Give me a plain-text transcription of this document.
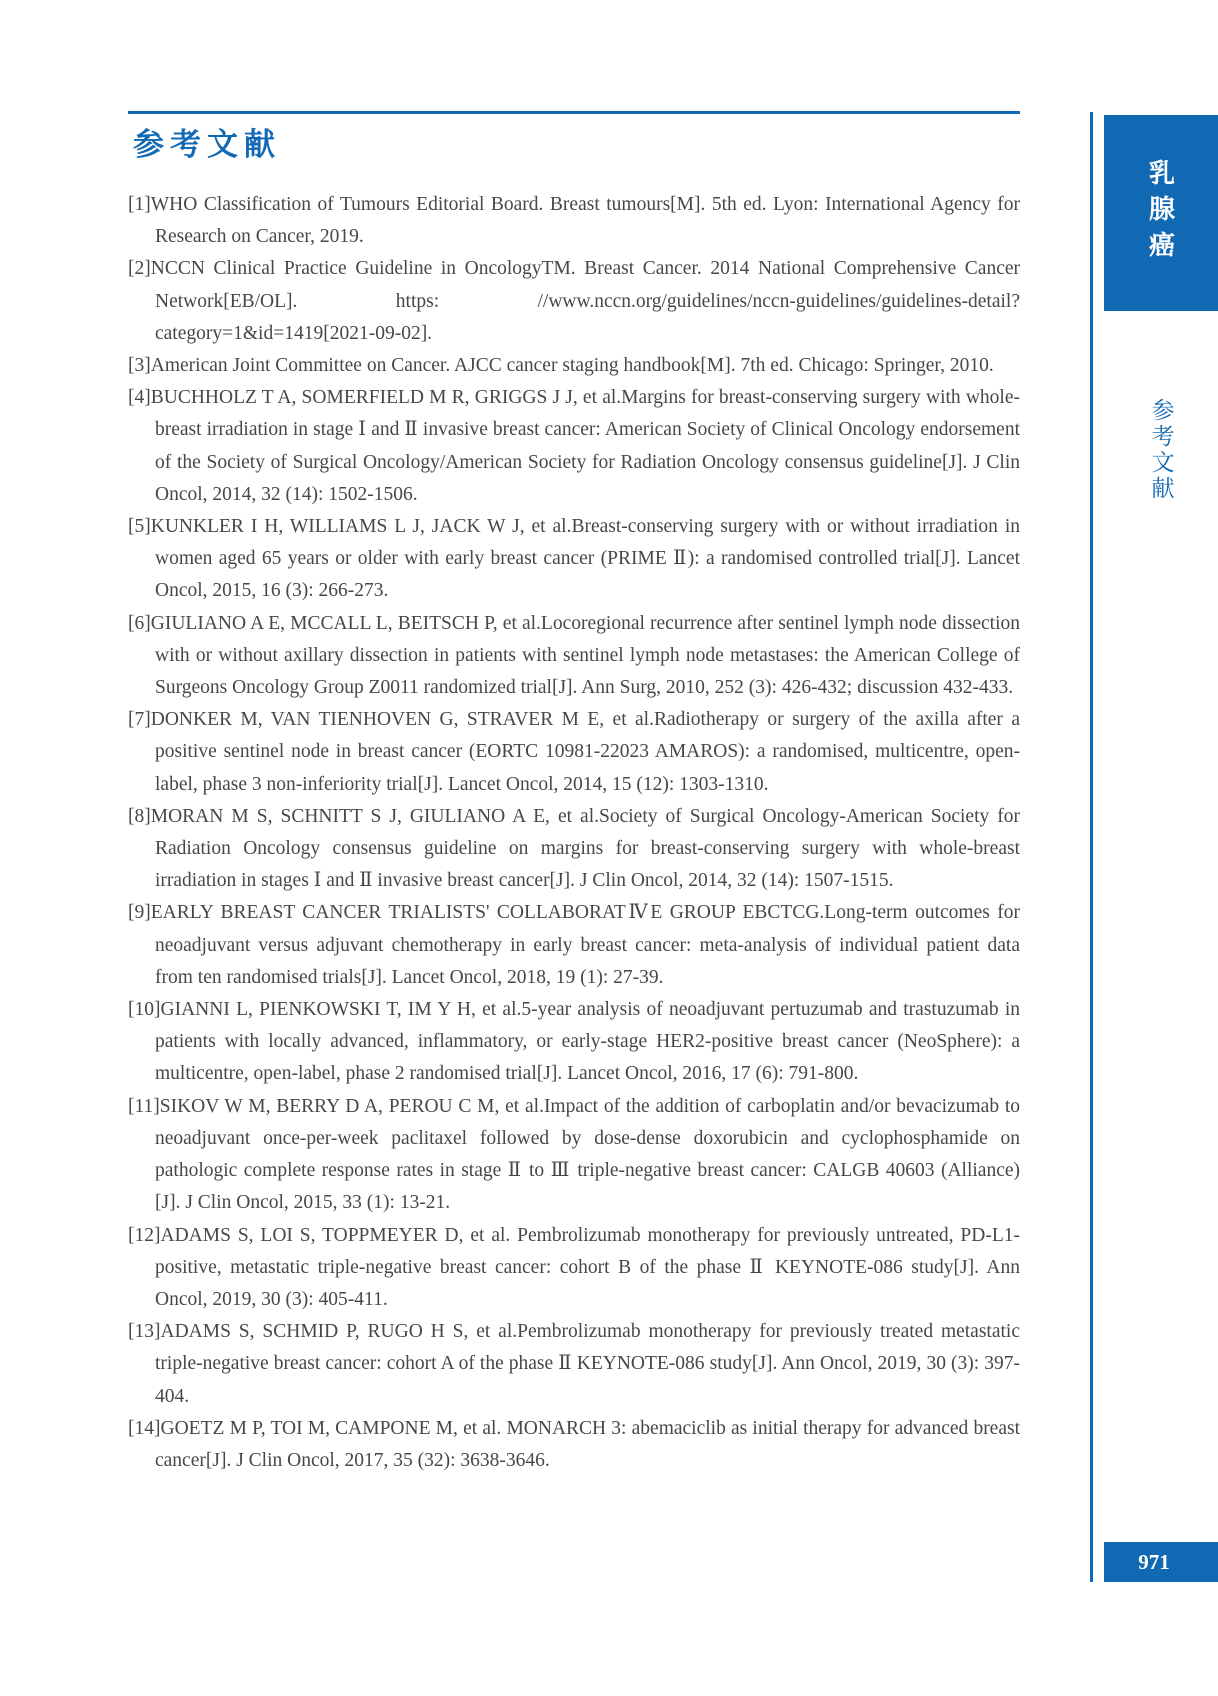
参考文献

[1]WHO Classification of Tumours Editorial Board. Breast tumours[M]. 5th ed. Lyon: International Agency for Research on Cancer, 2019.

[2]NCCN Clinical Practice Guideline in OncologyTM. Breast Cancer. 2014 National Comprehensive Cancer Network[EB/OL]. https: //www.nccn.org/guidelines/nccn-guidelines/guidelines-detail?category=1&id=1419[2021-09-02].

[3]American Joint Committee on Cancer. AJCC cancer staging handbook[M]. 7th ed. Chicago: Springer, 2010.

[4]BUCHHOLZ T A, SOMERFIELD M R, GRIGGS J J, et al.Margins for breast-conserving surgery with whole-breast irradiation in stage Ⅰ and Ⅱ invasive breast cancer: American Society of Clinical Oncology endorsement of the Society of Surgical Oncology/American Society for Radiation Oncology consensus guideline[J]. J Clin Oncol, 2014, 32 (14): 1502-1506.

[5]KUNKLER I H, WILLIAMS L J, JACK W J, et al.Breast-conserving surgery with or without irradiation in women aged 65 years or older with early breast cancer (PRIME Ⅱ): a randomised controlled trial[J]. Lancet Oncol, 2015, 16 (3): 266-273.

[6]GIULIANO A E, MCCALL L, BEITSCH P, et al.Locoregional recurrence after sentinel lymph node dissection with or without axillary dissection in patients with sentinel lymph node metastases: the American College of Surgeons Oncology Group Z0011 randomized trial[J]. Ann Surg, 2010, 252 (3): 426-432; discussion 432-433.

[7]DONKER M, VAN TIENHOVEN G, STRAVER M E, et al.Radiotherapy or surgery of the axilla after a positive sentinel node in breast cancer (EORTC 10981-22023 AMAROS): a randomised, multicentre, open-label, phase 3 non-inferiority trial[J]. Lancet Oncol, 2014, 15 (12): 1303-1310.

[8]MORAN M S, SCHNITT S J, GIULIANO A E, et al.Society of Surgical Oncology-American Society for Radiation Oncology consensus guideline on margins for breast-conserving surgery with whole-breast irradiation in stages Ⅰ and Ⅱ invasive breast cancer[J]. J Clin Oncol, 2014, 32 (14): 1507-1515.

[9]EARLY BREAST CANCER TRIALISTS' COLLABORATⅣE GROUP EBCTCG.Long-term outcomes for neoadjuvant versus adjuvant chemotherapy in early breast cancer: meta-analysis of individual patient data from ten randomised trials[J]. Lancet Oncol, 2018, 19 (1): 27-39.

[10]GIANNI L, PIENKOWSKI T, IM Y H, et al.5-year analysis of neoadjuvant pertuzumab and trastuzumab in patients with locally advanced, inflammatory, or early-stage HER2-positive breast cancer (NeoSphere): a multicentre, open-label, phase 2 randomised trial[J]. Lancet Oncol, 2016, 17 (6): 791-800.

[11]SIKOV W M, BERRY D A, PEROU C M, et al.Impact of the addition of carboplatin and/or bevacizumab to neoadjuvant once-per-week paclitaxel followed by dose-dense doxorubicin and cyclophosphamide on pathologic complete response rates in stage Ⅱ to Ⅲ triple-negative breast cancer: CALGB 40603 (Alliance) [J]. J Clin Oncol, 2015, 33 (1): 13-21.

[12]ADAMS S, LOI S, TOPPMEYER D, et al. Pembrolizumab monotherapy for previously untreated, PD-L1-positive, metastatic triple-negative breast cancer: cohort B of the phase Ⅱ KEYNOTE-086 study[J]. Ann Oncol, 2019, 30 (3): 405-411.

[13]ADAMS S, SCHMID P, RUGO H S, et al.Pembrolizumab monotherapy for previously treated metastatic triple-negative breast cancer: cohort A of the phase Ⅱ KEYNOTE-086 study[J]. Ann Oncol, 2019, 30 (3): 397-404.

[14]GOETZ M P, TOI M, CAMPONE M, et al. MONARCH 3: abemaciclib as initial therapy for advanced breast cancer[J]. J Clin Oncol, 2017, 35 (32): 3638-3646.

乳腺癌
参考文献
971
